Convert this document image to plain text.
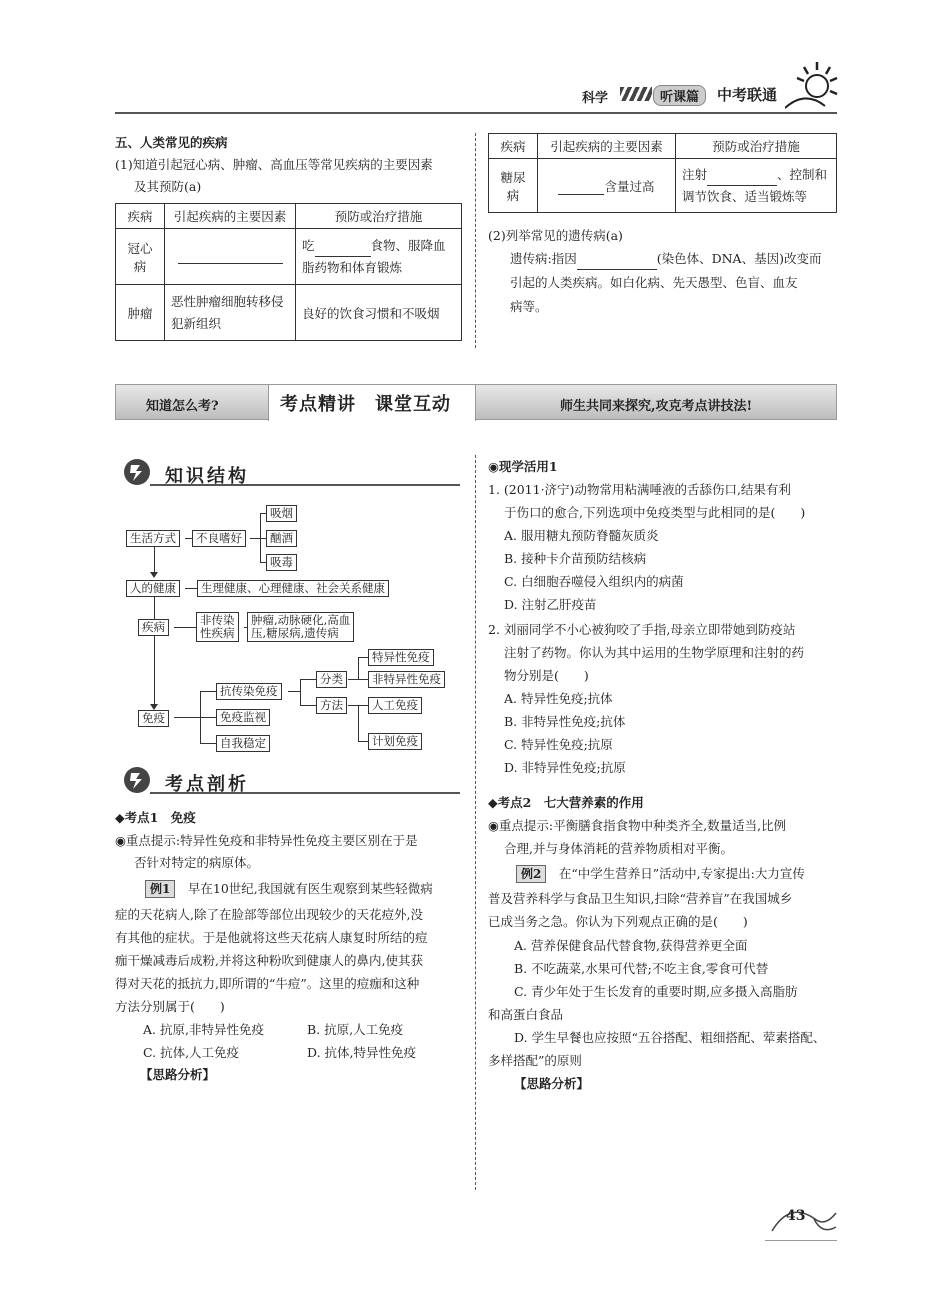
科学	听课篇	中考联通
五、人类常见的疾病
(1)知道引起冠心病、肿瘤、高血压等常见疾病的主要因素
及其预防(a)
疾病	引起疾病的主要因素	预防或治疗措施
冠心病		吃 食物、服降血脂药物和体育锻炼
肿瘤	恶性肿瘤细胞转移侵犯新组织	良好的饮食习惯和不吸烟
疾病	引起疾病的主要因素	预防或治疗措施
糖尿病	含量过高	注射 、控制和
调节饮食、适当锻炼等
(2)列举常见的遗传病(a)
遗传病:指因	(染色体、DNA、基因)改变而
引起的人类疾病。如白化病、先天愚型、色盲、血友
病等。
知道怎么考?	考点精讲　课堂互动	师生共同来探究,攻克考点讲技法!
知识结构
生活方式	不良嗜好
吸烟
酗酒
吸毒
人的健康	生理健康、心理健康、社会关系健康
疾病	非传染
性疾病
肿瘤,动脉硬化,高血
压,糖尿病,遗传病
免疫
抗传染免疫
免疫监视
自我稳定
分类
方法
特异性免疫
非特异性免疫
人工免疫
计划免疫
考点剖析
◆考点1　免疫
◉重点提示:特异性免疫和非特异性免疫主要区别在于是
否针对特定的病原体。
例1　 早在10世纪,我国就有医生观察到某些轻微病
症的天花病人,除了在脸部等部位出现较少的天花痘外,没
有其他的症状。于是他就将这些天花病人康复时所结的痘
痂干燥减毒后成粉,并将这种粉吹到健康人的鼻内,使其获
得对天花的抵抗力,即所谓的“牛痘”。这里的痘痂和这种
方法分别属于(　　)
A. 抗原,非特异性免疫	B. 抗原,人工免疫
C. 抗体,人工免疫	D. 抗体,特异性免疫
【思路分析】
◉现学活用1
1. (2011·济宁)动物常用粘满唾液的舌舔伤口,结果有利
于伤口的愈合,下列选项中免疫类型与此相同的是(　　)
A. 服用糖丸预防脊髓灰质炎
B. 接种卡介苗预防结核病
C. 白细胞吞噬侵入组织内的病菌
D. 注射乙肝疫苗
2. 刘丽同学不小心被狗咬了手指,母亲立即带她到防疫站
注射了药物。你认为其中运用的生物学原理和注射的药
物分别是(　　)
A. 特异性免疫;抗体
B. 非特异性免疫;抗体
C. 特异性免疫;抗原
D. 非特异性免疫;抗原
◆考点2　七大营养素的作用
◉重点提示:平衡膳食指食物中种类齐全,数量适当,比例
合理,并与身体消耗的营养物质相对平衡。
例2　 在“中学生营养日”活动中,专家提出:大力宣传
普及营养科学与食品卫生知识,扫除“营养盲”在我国城乡
已成当务之急。你认为下列观点正确的是(　　)
A. 营养保健食品代替食物,获得营养更全面
B. 不吃蔬菜,水果可代替;不吃主食,零食可代替
C. 青少年处于生长发育的重要时期,应多摄入高脂肪
和高蛋白食品
D. 学生早餐也应按照“五谷搭配、粗细搭配、荤素搭配、
多样搭配”的原则
【思路分析】
43
